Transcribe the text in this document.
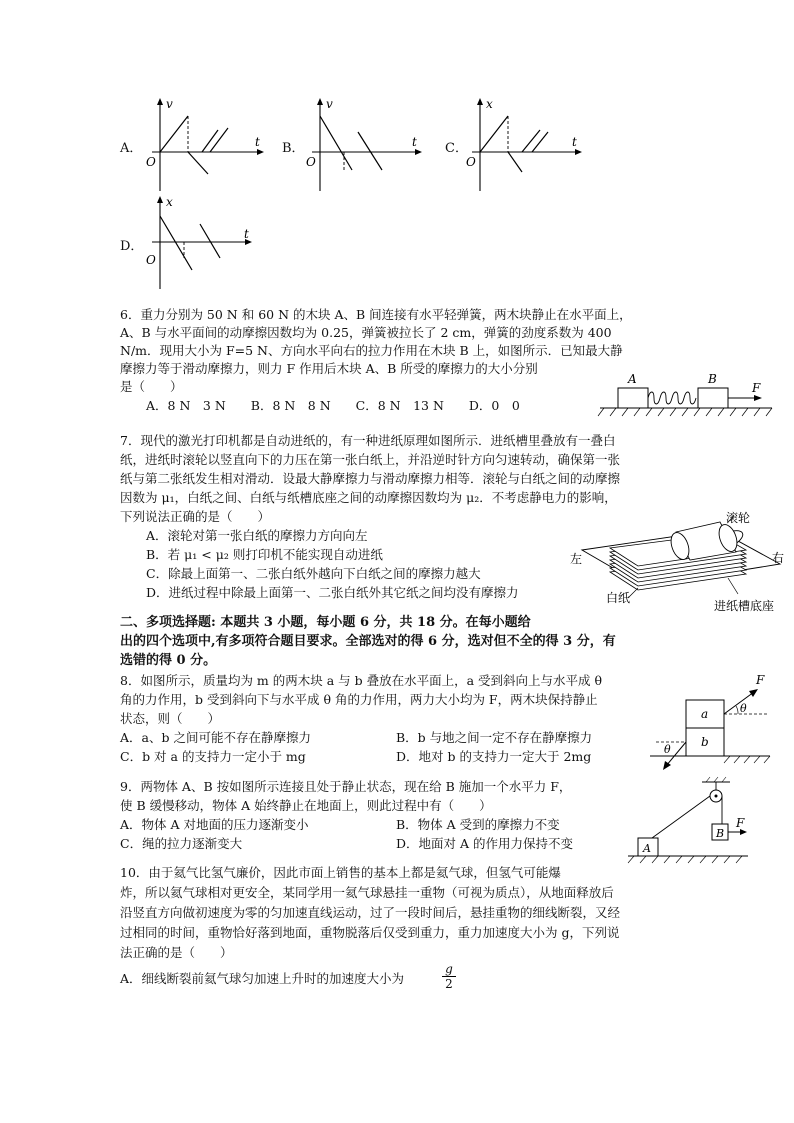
A．
v
t
O
B．
v
t
O
C．
x
t
O
D．
x
t
O
6．重力分别为 50 N 和 60 N 的木块 A、B 间连接有水平轻弹簧，两木块静止在水平面上，
A、B 与水平面间的动摩擦因数均为 0.25，弹簧被拉长了 2 cm，弹簧的劲度系数为 400
N/m．现用大小为 F=5 N、方向水平向右的拉力作用在木块 B 上，如图所示．已知最大静
摩擦力等于滑动摩擦力，则力 F 作用后木块 A、B 所受的摩擦力的大小分别
是（　　）
A．8 N　3 N　　B．8 N　8 N　　C．8 N　13 N　　D．0　0
A	B
F
7．现代的激光打印机都是自动进纸的，有一种进纸原理如图所示．进纸槽里叠放有一叠白
纸，进纸时滚轮以竖直向下的力压在第一张白纸上，并沿逆时针方向匀速转动，确保第一张
纸与第二张纸发生相对滑动．设最大静摩擦力与滑动摩擦力相等．滚轮与白纸之间的动摩擦
因数为 μ₁，白纸之间、白纸与纸槽底座之间的动摩擦因数均为 μ₂．不考虑静电力的影响，
下列说法正确的是（　　）
A．滚轮对第一张白纸的摩擦力方向向左
B．若 μ₁ < μ₂ 则打印机不能实现自动进纸
C．除最上面第一、二张白纸外越向下白纸之间的摩擦力越大
D．进纸过程中除最上面第一、二张白纸外其它纸之间均没有摩擦力
滚轮
左	右
白纸
进纸槽底座
二、多项选择题: 本题共 3 小题，每小题 6 分，共 18 分。在每小题给
出的四个选项中,有多项符合题目要求。全部选对的得 6 分，选对但不全的得 3 分，有
选错的得 0 分。
8．如图所示，质量均为 m 的两木块 a 与 b 叠放在水平面上，a 受到斜向上与水平成 θ
角的力作用，b 受到斜向下与水平成 θ 角的力作用，两力大小均为 F，两木块保持静止
状态，则（　　）
A．a、b 之间可能不存在静摩擦力	B．b 与地之间一定不存在静摩擦力
C．b 对 a 的支持力一定小于 mg	D．地对 b 的支持力一定大于 2mg
F
a
b
θ
θ
9．两物体 A、B 按如图所示连接且处于静止状态，现在给 B 施加一个水平力 F，
使 B 缓慢移动，物体 A 始终静止在地面上，则此过程中有（　　）
A．物体 A 对地面的压力逐渐变小	B．物体 A 受到的摩擦力不变
C．绳的拉力逐渐变大	D．地面对 A 的作用力保持不变	A
B
F
10．由于氦气比氢气廉价，因此市面上销售的基本上都是氦气球，但氢气可能爆
炸，所以氦气球相对更安全，某同学用一氦气球悬挂一重物（可视为质点），从地面释放后
沿竖直方向做初速度为零的匀加速直线运动，过了一段时间后，悬挂重物的细线断裂，又经
过相同的时间，重物恰好落到地面，重物脱落后仅受到重力，重力加速度大小为 g，下列说
法正确的是（　　）
A．细线断裂前氦气球匀加速上升时的加速度大小为	$\frac{g}{2}$
